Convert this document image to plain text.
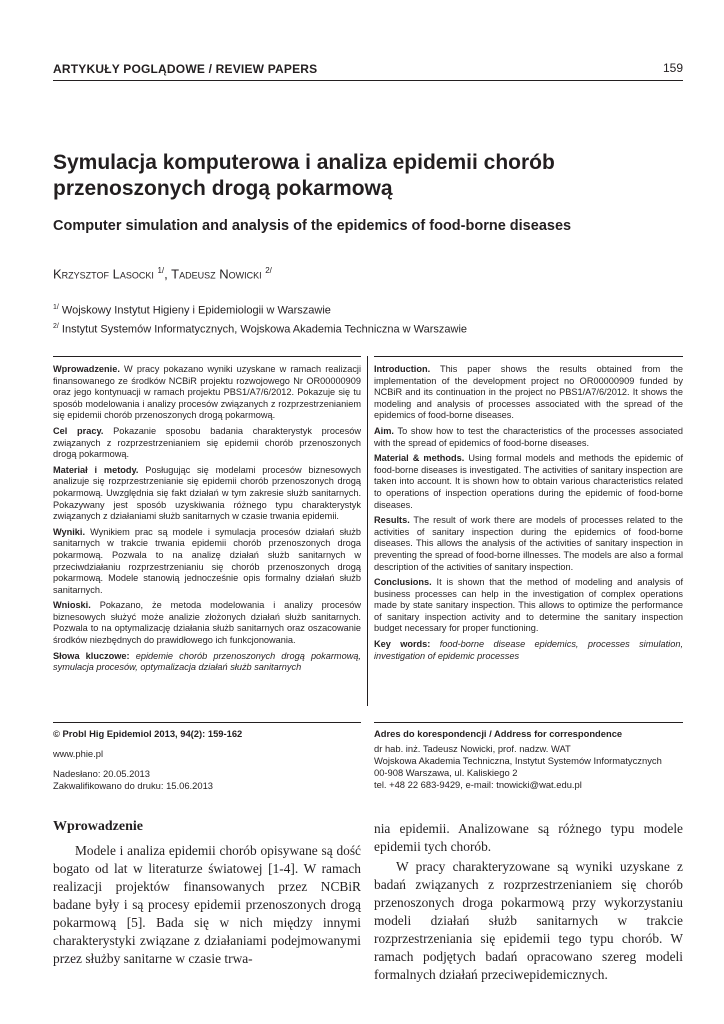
ARTYKUŁY POGLĄDOWE / REVIEW PAPERS	159
Symulacja komputerowa i analiza epidemii chorób przenoszonych drogą pokarmową
Computer simulation and analysis of the epidemics of food-borne diseases
Krzysztof Lasocki $^{1/}$, Tadeusz Nowicki $^{2/}$
$^{1/}$ Wojskowy Instytut Higieny i Epidemiologii w Warszawie
$^{2/}$ Instytut Systemów Informatycznych, Wojskowa Akademia Techniczna w Warszawie

Wprowadzenie. W pracy pokazano wyniki uzyskane w ramach realizacji finansowanego ze środków NCBiR projektu rozwojowego Nr OR00000909 oraz jego kontynuacji w ramach projektu PBS1/A7/6/2012. Pokazuje się tu sposób modelowania i analizy procesów związanych z rozprzestrzenianiem się epidemii chorób przenoszonych drogą pokarmową.

Cel pracy. Pokazanie sposobu badania charakterystyk procesów związanych z rozprzestrzenianiem się epidemii chorób przenoszonych drogą pokarmową.

Materiał i metody. Posługując się modelami procesów biznesowych analizuje się rozprzestrzenianie się epidemii chorób przenoszonych drogą pokarmową. Uwzględnia się fakt działań w tym zakresie służb sanitarnych. Pokazywany jest sposób uzyskiwania różnego typu charakterystyk związanych z działaniami służb sanitarnych w czasie trwania epidemii.

Wyniki. Wynikiem prac są modele i symulacja procesów działań służb sanitarnych w trakcie trwania epidemii chorób przenoszonych droga pokarmową. Pozwala to na analizę działań służb sanitarnych w przeciwdziałaniu rozprzestrzenianiu się chorób przenoszonych drogą pokarmową. Modele stanowią jednocześnie opis formalny działań służb sanitarnych.

Wnioski. Pokazano, że metoda modelowania i analizy procesów biznesowych służyć może analizie złożonych działań służb sanitarnych. Pozwala to na optymalizację działania służb sanitarnych oraz oszacowanie środków niezbędnych do prawidłowego ich funkcjonowania.

Słowa kluczowe: epidemie chorób przenoszonych drogą pokarmową, symulacja procesów, optymalizacja działań służb sanitarnych

Introduction. This paper shows the results obtained from the implementation of the development project no OR00000909 funded by NCBiR and its continuation in the project no PBS1/A7/6/2012. It shows the modeling and analysis of processes associated with the spread of the epidemics of food-borne diseases.

Aim. To show how to test the characteristics of the processes associated with the spread of epidemics of food-borne diseases.

Material & methods. Using formal models and methods the epidemic of food-borne diseases is investigated. The activities of sanitary inspection are taken into account. It is shown how to obtain various characteristics related to operations of inspection operations during the epidemic of food-borne diseases.

Results. The result of work there are models of processes related to the activities of sanitary inspection during the epidemics of food-borne diseases. This allows the analysis of the activities of sanitary inspection in preventing the spread of food-borne illnesses. The models are also a formal description of the activities of sanitary inspection.

Conclusions. It is shown that the method of modeling and analysis of business processes can help in the investigation of complex operations made by state sanitary inspection. This allows to optimize the performance of sanitary inspection activity and to determine the sanitary inspection budget necessary for proper functioning.

Key words: food-borne disease epidemics, processes simulation, investigation of epidemic processes

© Probl Hig Epidemiol 2013, 94(2): 159-162
www.phie.pl
Nadesłano: 20.05.2013
Zakwalifikowano do druku: 15.06.2013
Adres do korespondencji / Address for correspondence
dr hab. inż. Tadeusz Nowicki, prof. nadzw. WAT
Wojskowa Akademia Techniczna, Instytut Systemów Informatycznych
00-908 Warszawa, ul. Kaliskiego 2
tel. +48 22 683-9429, e-mail: tnowicki@wat.edu.pl
Wprowadzenie

Modele i analiza epidemii chorób opisywane są dość bogato od lat w literaturze światowej [1-4]. W ramach realizacji projektów finansowanych przez NCBiR badane były i są procesy epidemii przenoszonych drogą pokarmową [5]. Bada się w nich między innymi charakterystyki związane z działaniami podejmowanymi przez służby sanitarne w czasie trwa-

nia epidemii. Analizowane są różnego typu modele epidemii tych chorób.

W pracy charakteryzowane są wyniki uzyskane z badań związanych z rozprzestrzenianiem się chorób przenoszonych droga pokarmową przy wykorzystaniu modeli działań służb sanitarnych w trakcie rozprzestrzeniania się epidemii tego typu chorób. W ramach podjętych badań opracowano szereg modeli formalnych działań przeciwepidemicznych.
